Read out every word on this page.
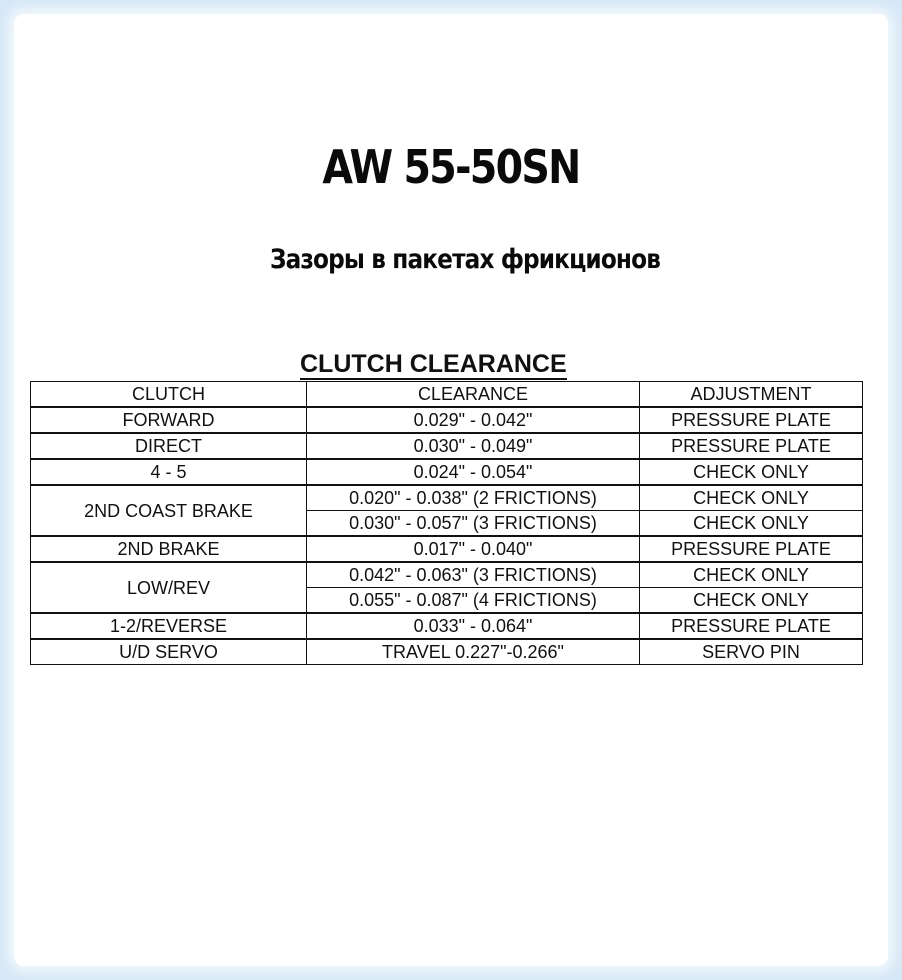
AW 55-50SN
Зазоры в пакетах фрикционов
CLUTCH CLEARANCE
CLUTCH	CLEARANCE	ADJUSTMENT
FORWARD	0.029" - 0.042"	PRESSURE PLATE
DIRECT	0.030" - 0.049"	PRESSURE PLATE
4 - 5	0.024" - 0.054"	CHECK ONLY
2ND COAST BRAKE	0.020" - 0.038" (2 FRICTIONS)	CHECK ONLY
	0.030" - 0.057" (3 FRICTIONS)	CHECK ONLY
2ND BRAKE	0.017" - 0.040"	PRESSURE PLATE
LOW/REV	0.042" - 0.063" (3 FRICTIONS)	CHECK ONLY
	0.055" - 0.087" (4 FRICTIONS)	CHECK ONLY
1-2/REVERSE	0.033" - 0.064"	PRESSURE PLATE
U/D SERVO	TRAVEL 0.227"-0.266"	SERVO PIN
